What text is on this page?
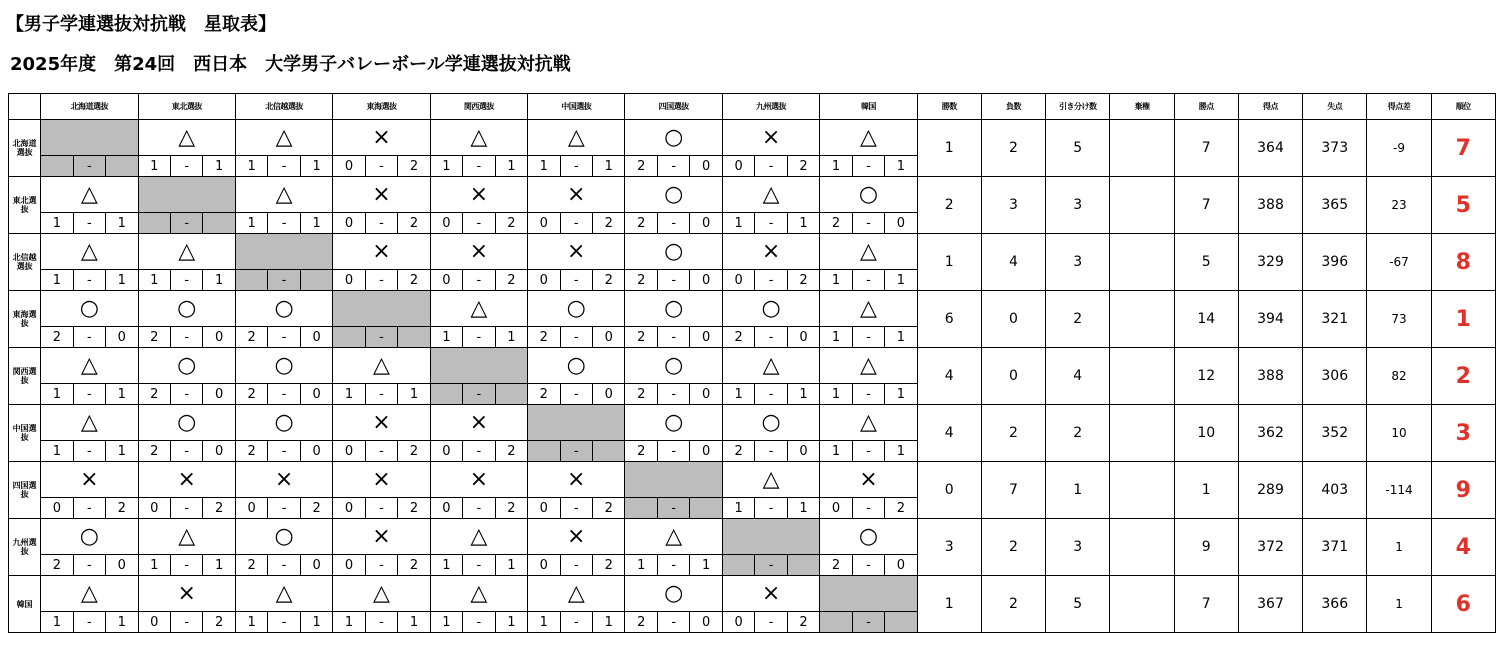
【男子学連選抜対抗戦　星取表】
2025年度　第24回　西日本　大学男子バレーボール学連選抜対抗戦
	北海道選抜	東北選抜	北信越選抜	東海選抜	関西選抜	中国選抜	四国選抜	九州選抜	韓国	勝数	負数	引き分け数	棄権	勝点	得点	失点	得点差	順位
北海道選抜		△	△	×	△	△	○	×	△	1	2	5		7	364	373	-9	7

-	1 - 1	1 - 1	0 - 2	1 - 1	1 - 1	2 - 0	0 - 2	1 - 1									

東北選抜	△		△	×	×	×	○	△	○	2	3	3		7	388	365	23	5

1 - 1	-	1 - 1	0 - 2	0 - 2	0 - 2	2 - 0	1 - 1	2 - 0									

北信越選抜	△	△		×	×	×	○	×	△	1	4	3		5	329	396	-67	8

1 - 1	1 - 1	-	0 - 2	0 - 2	0 - 2	2 - 0	0 - 2	1 - 1									

東海選抜	○	○	○		△	○	○	○	△	6	0	2		14	394	321	73	1

2 - 0	2 - 0	2 - 0	-	1 - 1	2 - 0	2 - 0	2 - 0	1 - 1									

関西選抜	△	○	○	△		○	○	△	△	4	0	4		12	388	306	82	2

1 - 1	2 - 0	2 - 0	1 - 1	-	2 - 0	2 - 0	1 - 1	1 - 1									

中国選抜	△	○	○	×	×		○	○	△	4	2	2		10	362	352	10	3

1 - 1	2 - 0	2 - 0	0 - 2	0 - 2	-	2 - 0	2 - 0	1 - 1									

四国選抜	×	×	×	×	×	×		△	×	0	7	1		1	289	403	-114	9

0 - 2	0 - 2	0 - 2	0 - 2	0 - 2	0 - 2	-	1 - 1	0 - 2									

九州選抜	○	△	○	×	△	×	△		○	3	2	3		9	372	371	1	4

2 - 0	1 - 1	2 - 0	0 - 2	1 - 1	0 - 2	1 - 1	-	2 - 0									

韓国	△	×	△	△	△	△	○	×		1	2	5		7	367	366	1	6

1 - 1	0 - 2	1 - 1	1 - 1	1 - 1	1 - 1	2 - 0	0 - 2	-									
